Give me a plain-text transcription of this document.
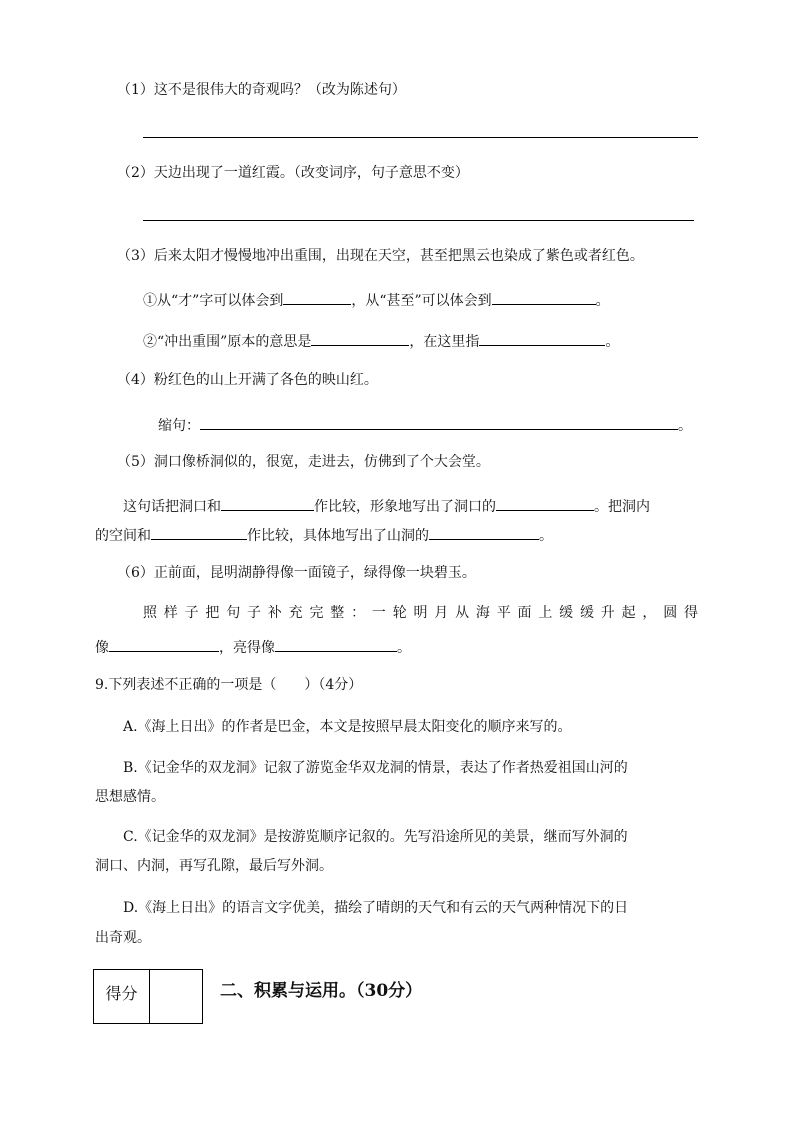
（1）这不是很伟大的奇观吗？（改为陈述句）
（2）天边出现了一道红霞。（改变词序，句子意思不变）
（3）后来太阳才慢慢地冲出重围，出现在天空，甚至把黑云也染成了紫色或者红色。
①从“才”字可以体会到	，从“甚至”可以体会到	。
②“冲出重围”原本的意思是	，在这里指	。
（4）粉红色的山上开满了各色的映山红。
缩句：	。
（5）洞口像桥洞似的，很宽，走进去，仿佛到了个大会堂。
这句话把洞口和	作比较，形象地写出了洞口的	。把洞内
的空间和	作比较，具体地写出了山洞的	。
（6）正前面，昆明湖静得像一面镜子，绿得像一块碧玉。
照样子把句子补充完整：一轮明月从海平面上缓缓升起，圆得
像	，亮得像	。
9.下列表述不正确的一项是（　　）（4分）
A.《海上日出》的作者是巴金，本文是按照早晨太阳变化的顺序来写的。
B.《记金华的双龙洞》记叙了游览金华双龙洞的情景，表达了作者热爱祖国山河的
思想感情。
C.《记金华的双龙洞》是按游览顺序记叙的。先写沿途所见的美景，继而写外洞的
洞口、内洞，再写孔隙，最后写外洞。
D.《海上日出》的语言文字优美，描绘了晴朗的天气和有云的天气两种情况下的日
出奇观。
得分	二、积累与运用。（30分）
